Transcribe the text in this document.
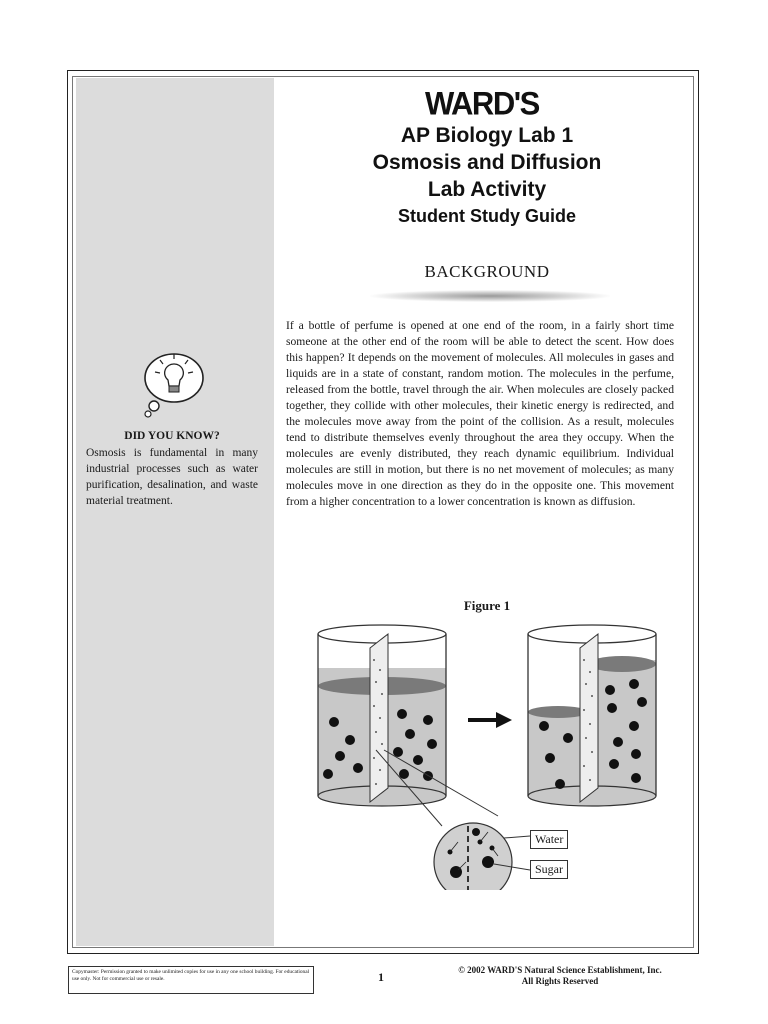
WARD'S
AP Biology Lab 1
Osmosis and Diffusion
Lab Activity
Student Study Guide
BACKGROUND
If a bottle of perfume is opened at one end of the room, in a fairly short time someone at the other end of the room will be able to detect the scent. How does this happen? It depends on the movement of molecules. All molecules in gases and liquids are in a state of constant, random motion. The molecules in the perfume, released from the bottle, travel through the air. When molecules are closely packed together, they collide with other molecules, their kinetic energy is redirected, and the molecules move away from the point of the collision. As a result, molecules tend to distribute themselves evenly throughout the area they occupy. When the molecules are evenly distributed, they reach dynamic equilibrium. Individual molecules are still in motion, but there is no net movement of molecules; as many molecules move in one direction as they do in the opposite one. This movement from a higher concentration to a lower concentration is known as diffusion.
DID YOU KNOW?
Osmosis is fundamental in many industrial processes such as water purification, desalination, and waste material treatment.
Figure 1
Water
Sugar
Copymaster: Permission granted to make unlimited copies for use in any one school building. For educational use only. Not for commercial use or resale.	1	© 2002 WARD'S Natural Science Establishment, Inc.
All Rights Reserved
